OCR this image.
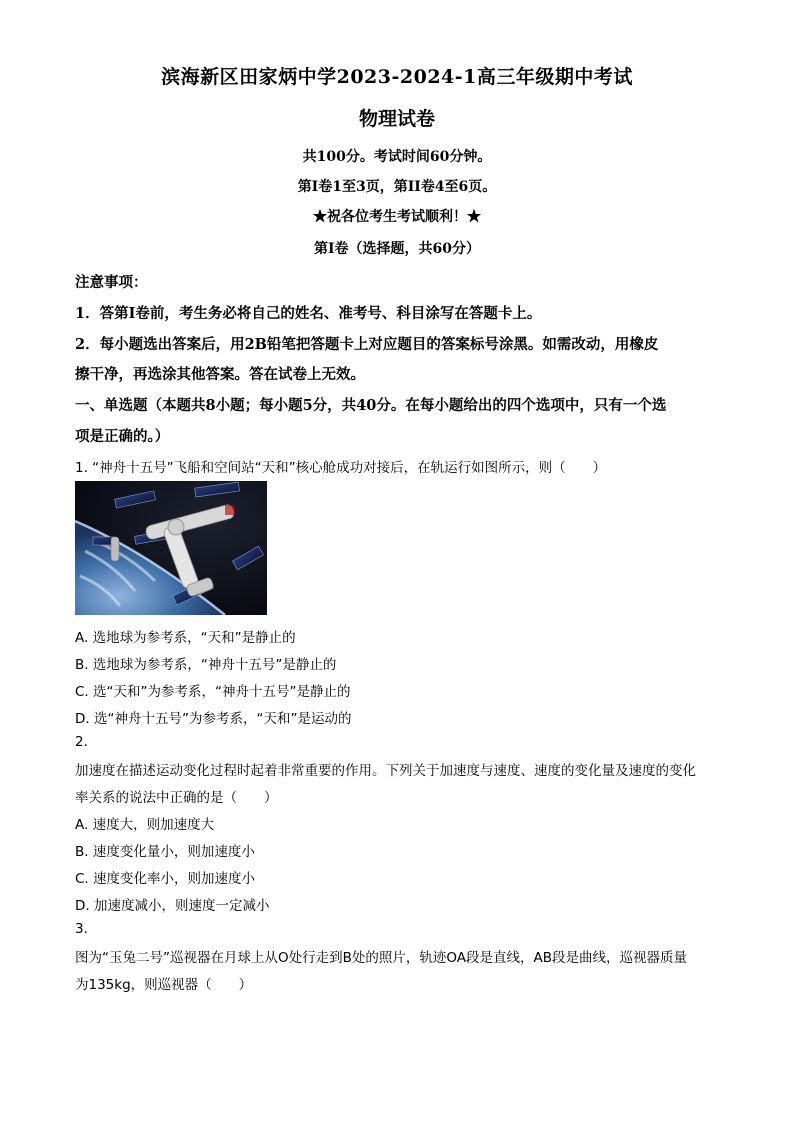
滨海新区田家炳中学2023-2024-1高三年级期中考试
物理试卷
共100分。考试时间60分钟。
第I卷1至3页，第II卷4至6页。
★祝各位考生考试顺利！★
第I卷（选择题，共60分）
注意事项：
1．答第I卷前，考生务必将自己的姓名、准考号、科目涂写在答题卡上。
2．每小题选出答案后，用2B铅笔把答题卡上对应题目的答案标号涂黑。如需改动，用橡皮
擦干净，再选涂其他答案。答在试卷上无效。
一、单选题（本题共8小题；每小题5分，共40分。在每小题给出的四个选项中，只有一个选
项是正确的。）
1. “神舟十五号”飞船和空间站“天和”核心舱成功对接后，在轨运行如图所示，则（　　）
A. 选地球为参考系，“天和”是静止的
B. 选地球为参考系，“神舟十五号”是静止的
C. 选“天和”为参考系，“神舟十五号”是静止的
D. 选“神舟十五号”为参考系，“天和”是运动的
2.
加速度在描述运动变化过程时起着非常重要的作用。下列关于加速度与速度、速度的变化量及速度的变化
率关系的说法中正确的是（　　）
A. 速度大，则加速度大
B. 速度变化量小，则加速度小
C. 速度变化率小，则加速度小
D. 加速度减小，则速度一定减小
3.
图为“玉兔二号”巡视器在月球上从O处行走到B处的照片，轨迹OA段是直线，AB段是曲线，巡视器质量
为135kg，则巡视器（　　）
